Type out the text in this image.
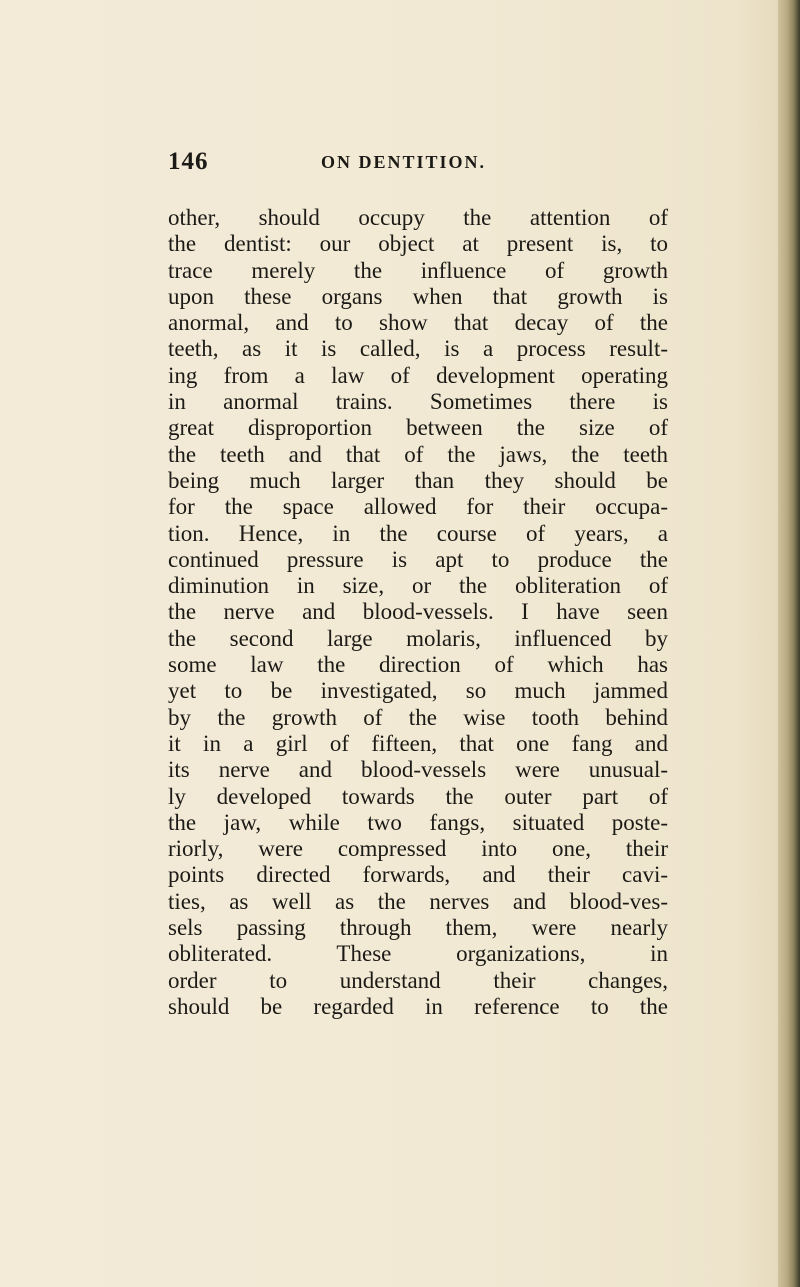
146	ON DENTITION.
other, should occupy the attention of
the dentist: our object at present is, to
trace merely the influence of growth
upon these organs when that growth is
anormal, and to show that decay of the
teeth, as it is called, is a process result-
ing from a law of development operating
in anormal trains. Sometimes there is
great disproportion between the size of
the teeth and that of the jaws, the teeth
being much larger than they should be
for the space allowed for their occupa-
tion. Hence, in the course of years, a
continued pressure is apt to produce the
diminution in size, or the obliteration of
the nerve and blood-vessels. I have seen
the second large molaris, influenced by
some law the direction of which has
yet to be investigated, so much jammed
by the growth of the wise tooth behind
it in a girl of fifteen, that one fang and
its nerve and blood-vessels were unusual-
ly developed towards the outer part of
the jaw, while two fangs, situated poste-
riorly, were compressed into one, their
points directed forwards, and their cavi-
ties, as well as the nerves and blood-ves-
sels passing through them, were nearly
obliterated. These organizations, in
order to understand their changes,
should be regarded in reference to the
